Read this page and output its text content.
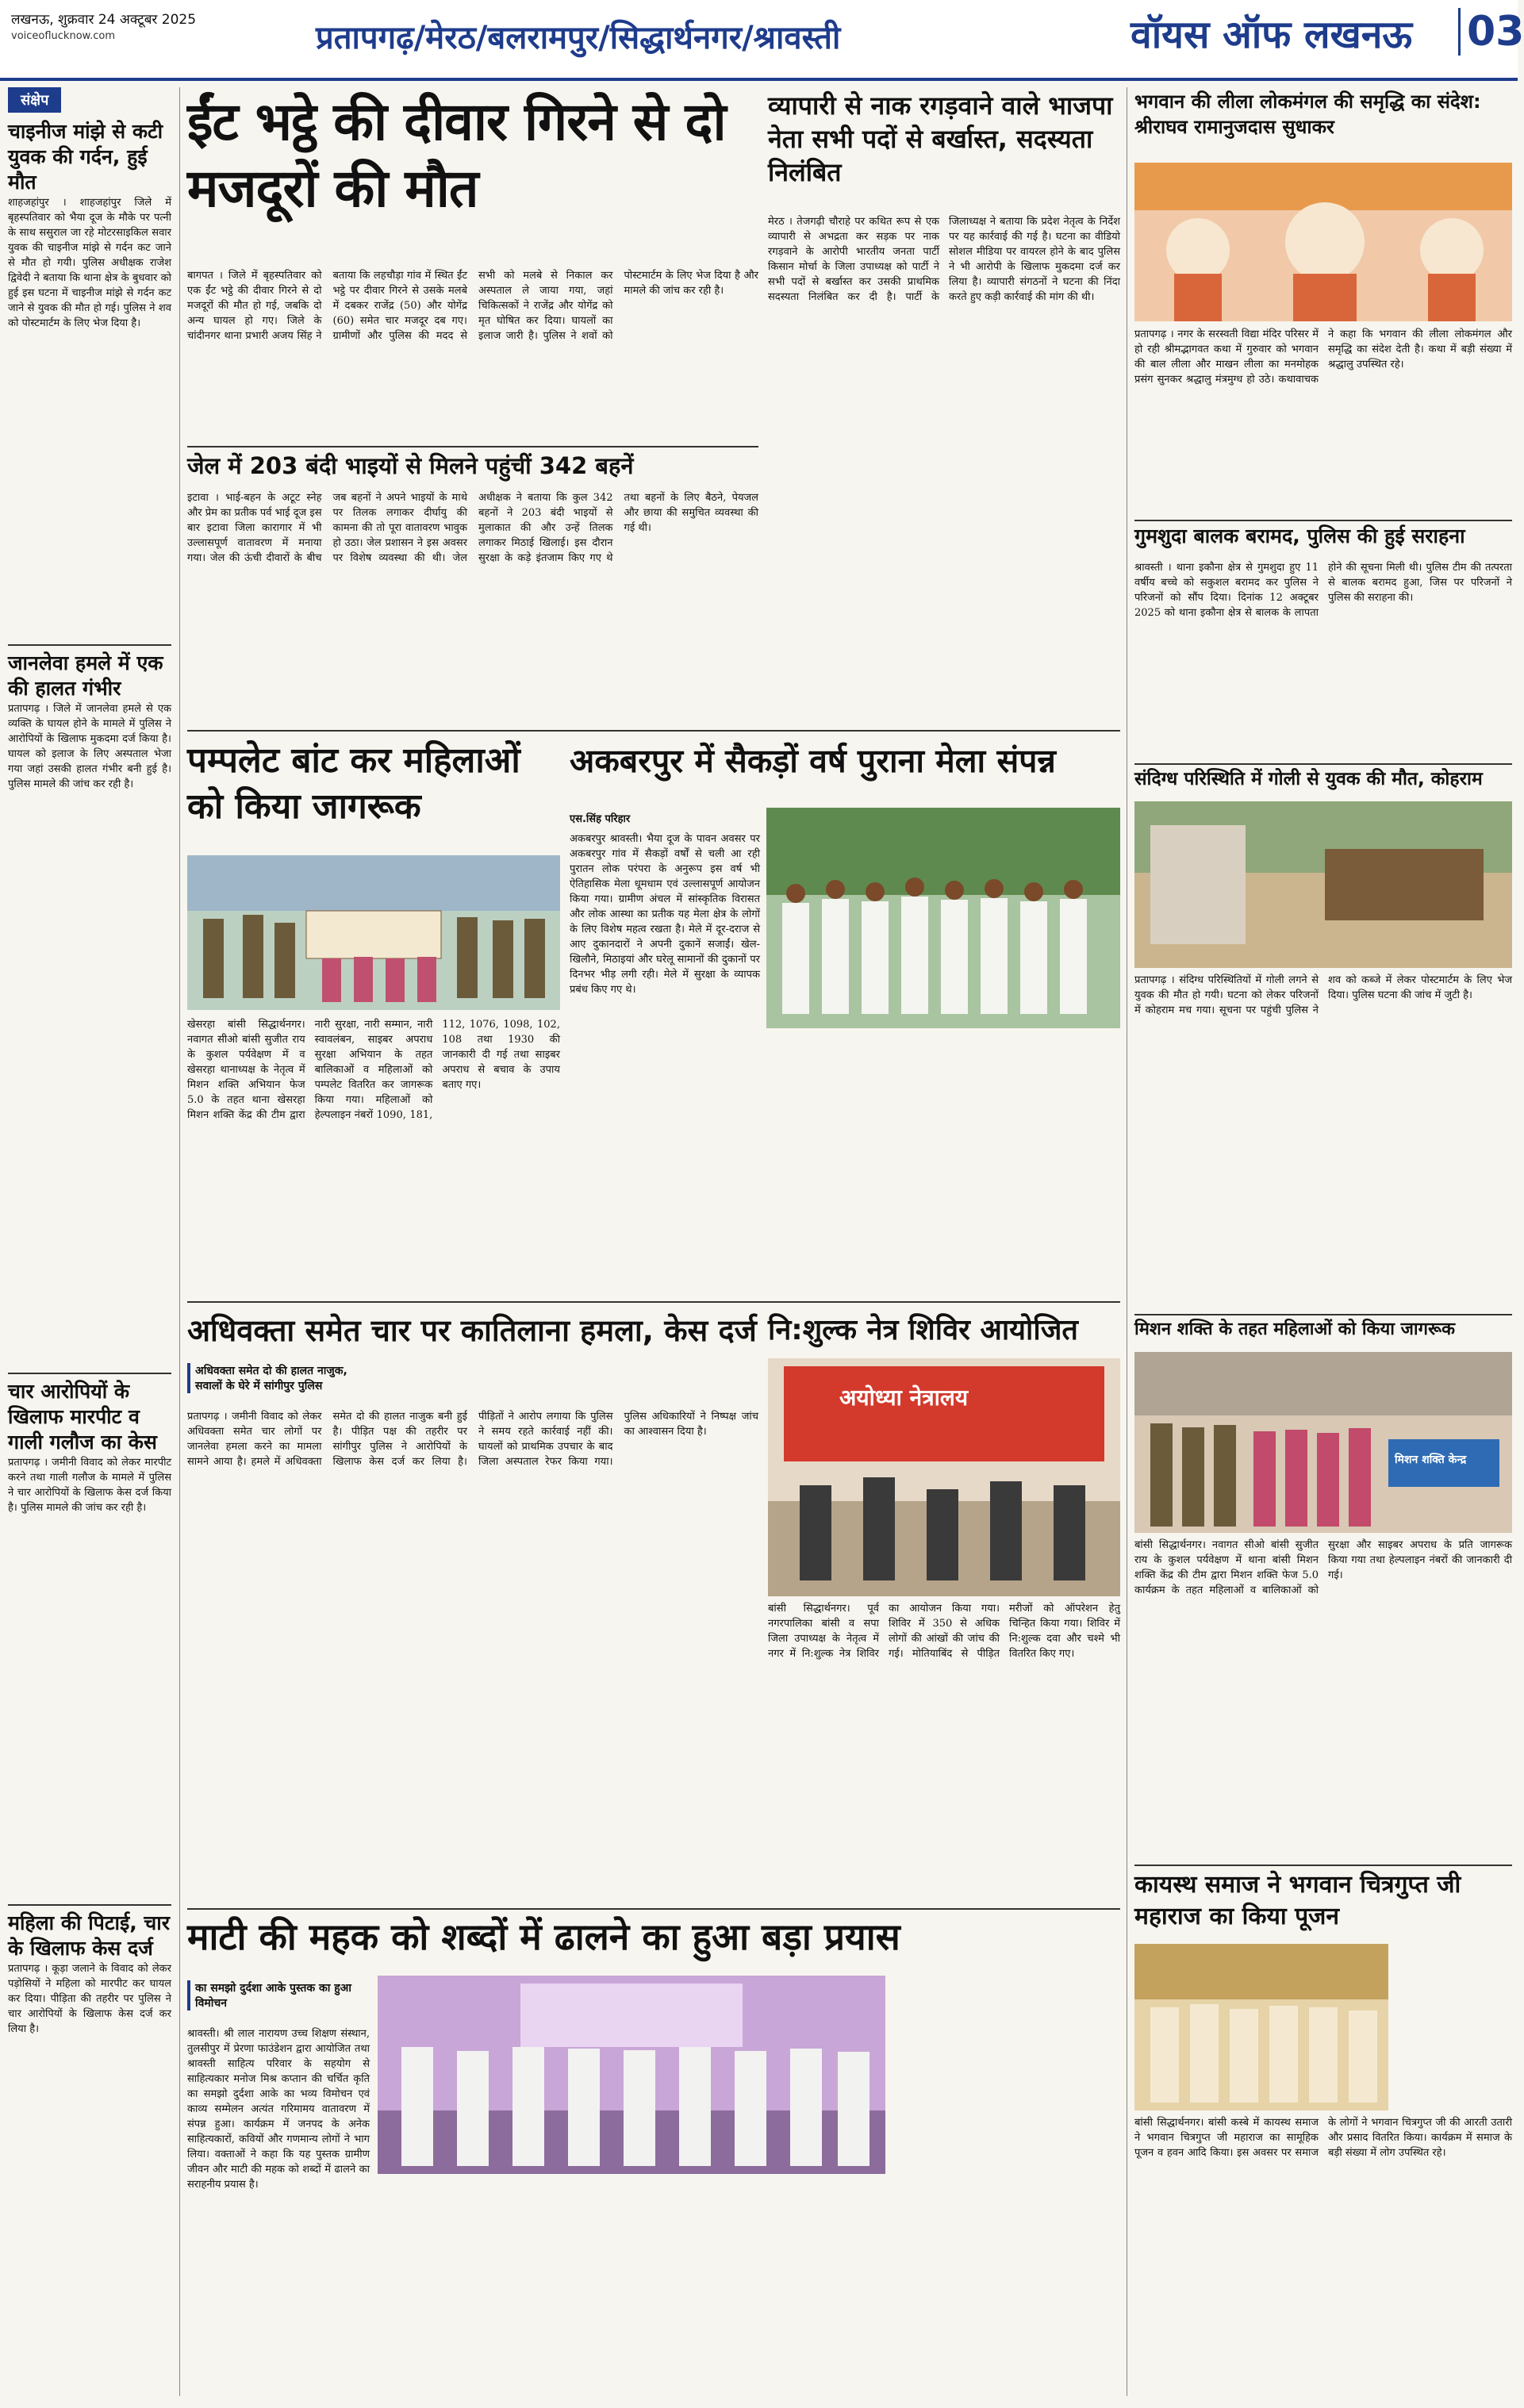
लखनऊ, शुक्रवार 24 अक्टूबर 2025
voiceoflucknow.com	प्रतापगढ़/मेरठ/बलरामपुर/सिद्धार्थनगर/श्रावस्ती	वॉयस ऑफ लखनऊ 03
संक्षेप
चाइनीज मांझे से कटी युवक की गर्दन, हुई मौत
शाहजहांपुर । शाहजहांपुर जिले में बृहस्पतिवार को भैया दूज के मौके पर पत्नी के साथ ससुराल जा रहे मोटरसाइकिल सवार युवक की चाइनीज मांझे से गर्दन कट जाने से मौत हो गयी। पुलिस अधीक्षक राजेश द्विवेदी ने बताया कि थाना क्षेत्र के बुधवार को हुई इस घटना में चाइनीज मांझे से गर्दन कट जाने से युवक की मौत हो गई। पुलिस ने शव को पोस्टमार्टम के लिए भेज दिया है।
जानलेवा हमले में एक की हालत गंभीर
प्रतापगढ़ । जिले में जानलेवा हमले से एक व्यक्ति के घायल होने के मामले में पुलिस ने आरोपियों के खिलाफ मुकदमा दर्ज किया है। घायल को इलाज के लिए अस्पताल भेजा गया जहां उसकी हालत गंभीर बनी हुई है। पुलिस मामले की जांच कर रही है।
चार आरोपियों के खिलाफ मारपीट व गाली गलौज का केस
प्रतापगढ़ । जमीनी विवाद को लेकर मारपीट करने तथा गाली गलौज के मामले में पुलिस ने चार आरोपियों के खिलाफ केस दर्ज किया है। पुलिस मामले की जांच कर रही है।
महिला की पिटाई, चार के खिलाफ केस दर्ज
प्रतापगढ़ । कूड़ा जलाने के विवाद को लेकर पड़ोसियों ने महिला को मारपीट कर घायल कर दिया। पीड़िता की तहरीर पर पुलिस ने चार आरोपियों के खिलाफ केस दर्ज कर लिया है।
ईंट भट्ठे की दीवार गिरने से दो मजदूरों की मौत
बागपत । जिले में बृहस्पतिवार को एक ईंट भट्ठे की दीवार गिरने से दो मजदूरों की मौत हो गई, जबकि दो अन्य घायल हो गए। जिले के चांदीनगर थाना प्रभारी अजय सिंह ने बताया कि लहचौड़ा गांव में स्थित ईंट भट्ठे पर दीवार गिरने से उसके मलबे में दबकर राजेंद्र (50) और योगेंद्र (60) समेत चार मजदूर दब गए। ग्रामीणों और पुलिस की मदद से सभी को मलबे से निकाल कर अस्पताल ले जाया गया, जहां चिकित्सकों ने राजेंद्र और योगेंद्र को मृत घोषित कर दिया। घायलों का इलाज जारी है। पुलिस ने शवों को पोस्टमार्टम के लिए भेज दिया है और मामले की जांच कर रही है।
व्यापारी से नाक रगड़वाने वाले भाजपा नेता सभी पदों से बर्खास्त, सदस्यता निलंबित
मेरठ । तेजगढ़ी चौराहे पर कथित रूप से एक व्यापारी से अभद्रता कर सड़क पर नाक रगड़वाने के आरोपी भारतीय जनता पार्टी किसान मोर्चा के जिला उपाध्यक्ष को पार्टी ने सभी पदों से बर्खास्त कर उसकी प्राथमिक सदस्यता निलंबित कर दी है। पार्टी के जिलाध्यक्ष ने बताया कि प्रदेश नेतृत्व के निर्देश पर यह कार्रवाई की गई है। घटना का वीडियो सोशल मीडिया पर वायरल होने के बाद पुलिस ने भी आरोपी के खिलाफ मुकदमा दर्ज कर लिया है। व्यापारी संगठनों ने घटना की निंदा करते हुए कड़ी कार्रवाई की मांग की थी।
जेल में 203 बंदी भाइयों से मिलने पहुंचीं 342 बहनें
इटावा । भाई-बहन के अटूट स्नेह और प्रेम का प्रतीक पर्व भाई दूज इस बार इटावा जिला कारागार में भी उल्लासपूर्ण वातावरण में मनाया गया। जेल की ऊंची दीवारों के बीच जब बहनों ने अपने भाइयों के माथे पर तिलक लगाकर दीर्घायु की कामना की तो पूरा वातावरण भावुक हो उठा। जेल प्रशासन ने इस अवसर पर विशेष व्यवस्था की थी। जेल अधीक्षक ने बताया कि कुल 342 बहनों ने 203 बंदी भाइयों से मुलाकात की और उन्हें तिलक लगाकर मिठाई खिलाई। इस दौरान सुरक्षा के कड़े इंतजाम किए गए थे तथा बहनों के लिए बैठने, पेयजल और छाया की समुचित व्यवस्था की गई थी।
पम्पलेट बांट कर महिलाओं को किया जागरूक
खेसरहा बांसी सिद्धार्थनगर। नवागत सीओ बांसी सुजीत राय के कुशल पर्यवेक्षण में व खेसरहा थानाध्यक्ष के नेतृत्व में मिशन शक्ति अभियान फेज 5.0 के तहत थाना खेसरहा मिशन शक्ति केंद्र की टीम द्वारा नारी सुरक्षा, नारी सम्मान, नारी स्वावलंबन, साइबर अपराध सुरक्षा अभियान के तहत बालिकाओं व महिलाओं को पम्पलेट वितरित कर जागरूक किया गया। महिलाओं को हेल्पलाइन नंबरों 1090, 181, 112, 1076, 1098, 102, 108 तथा 1930 की जानकारी दी गई तथा साइबर अपराध से बचाव के उपाय बताए गए।
अकबरपुर में सैकड़ों वर्ष पुराना मेला संपन्न
एस.सिंह परिहार
अकबरपुर श्रावस्ती। भैया दूज के पावन अवसर पर अकबरपुर गांव में सैकड़ों वर्षों से चली आ रही पुरातन लोक परंपरा के अनुरूप इस वर्ष भी ऐतिहासिक मेला धूमधाम एवं उल्लासपूर्ण आयोजन किया गया। ग्रामीण अंचल में सांस्कृतिक विरासत और लोक आस्था का प्रतीक यह मेला क्षेत्र के लोगों के लिए विशेष महत्व रखता है। मेले में दूर-दराज से आए दुकानदारों ने अपनी दुकानें सजाईं। खेल-खिलौने, मिठाइयां और घरेलू सामानों की दुकानों पर दिनभर भीड़ लगी रही। मेले में सुरक्षा के व्यापक प्रबंध किए गए थे।
अधिवक्ता समेत चार पर कातिलाना हमला, केस दर्ज
अधिवक्ता समेत दो की हालत नाजुक, सवालों के घेरे में सांगीपुर पुलिस
प्रतापगढ़ । जमीनी विवाद को लेकर अधिवक्ता समेत चार लोगों पर जानलेवा हमला करने का मामला सामने आया है। हमले में अधिवक्ता समेत दो की हालत नाजुक बनी हुई है। पीड़ित पक्ष की तहरीर पर सांगीपुर पुलिस ने आरोपियों के खिलाफ केस दर्ज कर लिया है। पीड़ितों ने आरोप लगाया कि पुलिस ने समय रहते कार्रवाई नहीं की। घायलों को प्राथमिक उपचार के बाद जिला अस्पताल रेफर किया गया। पुलिस अधिकारियों ने निष्पक्ष जांच का आश्वासन दिया है।
नि:शुल्क नेत्र शिविर आयोजित
अयोध्या नेत्रालय
बांसी सिद्धार्थनगर। पूर्व नगरपालिका बांसी व सपा जिला उपाध्यक्ष के नेतृत्व में नगर में नि:शुल्क नेत्र शिविर का आयोजन किया गया। शिविर में 350 से अधिक लोगों की आंखों की जांच की गई। मोतियाबिंद से पीड़ित मरीजों को ऑपरेशन हेतु चिन्हित किया गया। शिविर में नि:शुल्क दवा और चश्मे भी वितरित किए गए।
माटी की महक को शब्दों में ढालने का हुआ बड़ा प्रयास
का समझो दुर्दशा आके पुस्तक का हुआ विमोचन
श्रावस्ती। श्री लाल नारायण उच्च शिक्षण संस्थान, तुलसीपुर में प्रेरणा फाउंडेशन द्वारा आयोजित तथा श्रावस्ती साहित्य परिवार के सहयोग से साहित्यकार मनोज मिश्र कप्तान की चर्चित कृति का समझो दुर्दशा आके का भव्य विमोचन एवं काव्य सम्मेलन अत्यंत गरिमामय वातावरण में संपन्न हुआ। कार्यक्रम में जनपद के अनेक साहित्यकारों, कवियों और गणमान्य लोगों ने भाग लिया। वक्ताओं ने कहा कि यह पुस्तक ग्रामीण जीवन और माटी की महक को शब्दों में ढालने का सराहनीय प्रयास है।
भगवान की लीला लोकमंगल की समृद्धि का संदेश: श्रीराघव रामानुजदास सुधाकर
प्रतापगढ़ । नगर के सरस्वती विद्या मंदिर परिसर में हो रही श्रीमद्भागवत कथा में गुरुवार को भगवान की बाल लीला और माखन लीला का मनमोहक प्रसंग सुनकर श्रद्धालु मंत्रमुग्ध हो उठे। कथावाचक ने कहा कि भगवान की लीला लोकमंगल और समृद्धि का संदेश देती है। कथा में बड़ी संख्या में श्रद्धालु उपस्थित रहे।
गुमशुदा बालक बरामद, पुलिस की हुई सराहना
श्रावस्ती । थाना इकौना क्षेत्र से गुमशुदा हुए 11 वर्षीय बच्चे को सकुशल बरामद कर पुलिस ने परिजनों को सौंप दिया। दिनांक 12 अक्टूबर 2025 को थाना इकौना क्षेत्र से बालक के लापता होने की सूचना मिली थी। पुलिस टीम की तत्परता से बालक बरामद हुआ, जिस पर परिजनों ने पुलिस की सराहना की।
संदिग्ध परिस्थिति में गोली से युवक की मौत, कोहराम
प्रतापगढ़ । संदिग्ध परिस्थितियों में गोली लगने से युवक की मौत हो गयी। घटना को लेकर परिजनों में कोहराम मच गया। सूचना पर पहुंची पुलिस ने शव को कब्जे में लेकर पोस्टमार्टम के लिए भेज दिया। पुलिस घटना की जांच में जुटी है।
मिशन शक्ति के तहत महिलाओं को किया जागरूक
मिशन शक्ति केन्द्र
बांसी सिद्धार्थनगर। नवागत सीओ बांसी सुजीत राय के कुशल पर्यवेक्षण में थाना बांसी मिशन शक्ति केंद्र की टीम द्वारा मिशन शक्ति फेज 5.0 कार्यक्रम के तहत महिलाओं व बालिकाओं को सुरक्षा और साइबर अपराध के प्रति जागरूक किया गया तथा हेल्पलाइन नंबरों की जानकारी दी गई।
कायस्थ समाज ने भगवान चित्रगुप्त जी महाराज का किया पूजन
बांसी सिद्धार्थनगर। बांसी कस्बे में कायस्थ समाज ने भगवान चित्रगुप्त जी महाराज का सामूहिक पूजन व हवन आदि किया। इस अवसर पर समाज के लोगों ने भगवान चित्रगुप्त जी की आरती उतारी और प्रसाद वितरित किया। कार्यक्रम में समाज के बड़ी संख्या में लोग उपस्थित रहे।
